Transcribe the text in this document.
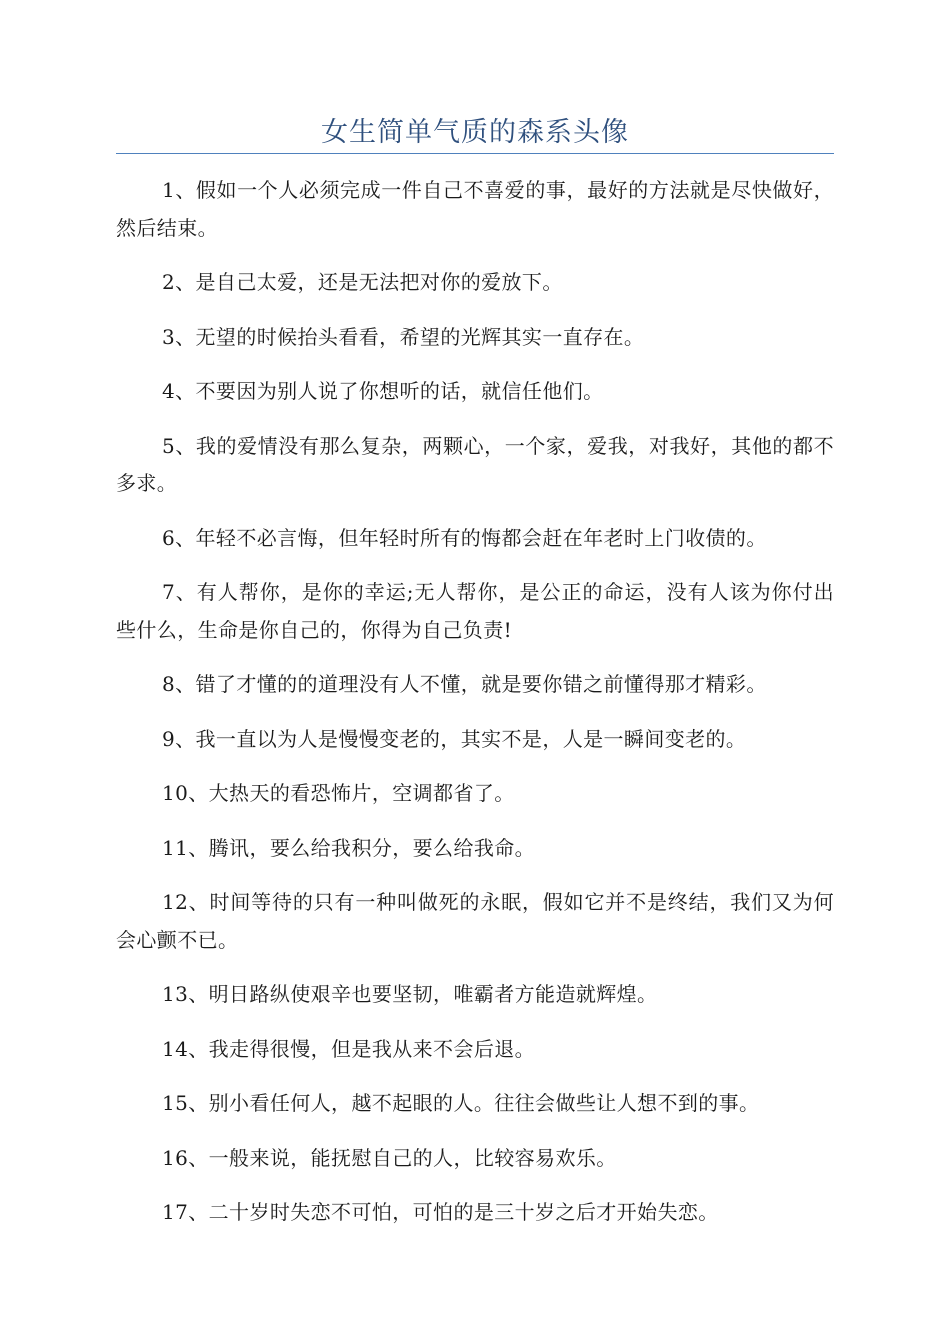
女生简单气质的森系头像

1、假如一个人必须完成一件自己不喜爱的事，最好的方法就是尽快做好，然后结束。

2、是自己太爱，还是无法把对你的爱放下。

3、无望的时候抬头看看，希望的光辉其实一直存在。

4、不要因为别人说了你想听的话，就信任他们。

5、我的爱情没有那么复杂，两颗心，一个家，爱我，对我好，其他的都不多求。

6、年轻不必言悔，但年轻时所有的悔都会赶在年老时上门收债的。

7、有人帮你，是你的幸运;无人帮你，是公正的命运，没有人该为你付出些什么，生命是你自己的，你得为自己负责!

8、错了才懂的的道理没有人不懂，就是要你错之前懂得那才精彩。

9、我一直以为人是慢慢变老的，其实不是，人是一瞬间变老的。

10、大热天的看恐怖片，空调都省了。

11、腾讯，要么给我积分，要么给我命。

12、时间等待的只有一种叫做死的永眠，假如它并不是终结，我们又为何会心颤不已。

13、明日路纵使艰辛也要坚韧，唯霸者方能造就辉煌。

14、我走得很慢，但是我从来不会后退。

15、别小看任何人，越不起眼的人。往往会做些让人想不到的事。

16、一般来说，能抚慰自己的人，比较容易欢乐。

17、二十岁时失恋不可怕，可怕的是三十岁之后才开始失恋。
